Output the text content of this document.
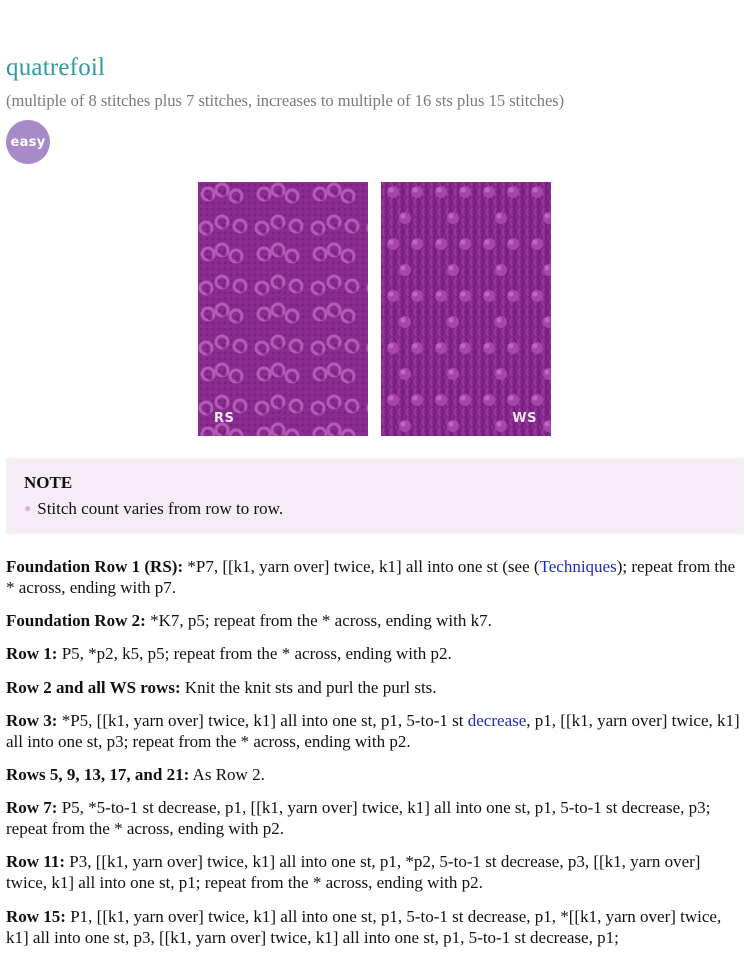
quatrefoil
(multiple of 8 stitches plus 7 stitches, increases to multiple of 16 sts plus 15 stitches)
easy
RS	WS
NOTE
● Stitch count varies from row to row.

Foundation Row 1 (RS): *P7, [[k1, yarn over] twice, k1] all into one st (see (Techniques); repeat from the * across, ending with p7.

Foundation Row 2: *K7, p5; repeat from the * across, ending with k7.

Row 1: P5, *p2, k5, p5; repeat from the * across, ending with p2.

Row 2 and all WS rows: Knit the knit sts and purl the purl sts.

Row 3: *P5, [[k1, yarn over] twice, k1] all into one st, p1, 5-to-1 st decrease, p1, [[k1, yarn over] twice, k1] all into one st, p3; repeat from the * across, ending with p2.

Rows 5, 9, 13, 17, and 21: As Row 2.

Row 7: P5, *5-to-1 st decrease, p1, [[k1, yarn over] twice, k1] all into one st, p1, 5-to-1 st decrease, p3; repeat from the * across, ending with p2.

Row 11: P3, [[k1, yarn over] twice, k1] all into one st, p1, *p2, 5-to-1 st decrease, p3, [[k1, yarn over] twice, k1] all into one st, p1; repeat from the * across, ending with p2.

Row 15: P1, [[k1, yarn over] twice, k1] all into one st, p1, 5-to-1 st decrease, p1, *[[k1, yarn over] twice, k1] all into one st, p3, [[k1, yarn over] twice, k1] all into one st, p1, 5-to-1 st decrease, p1;
